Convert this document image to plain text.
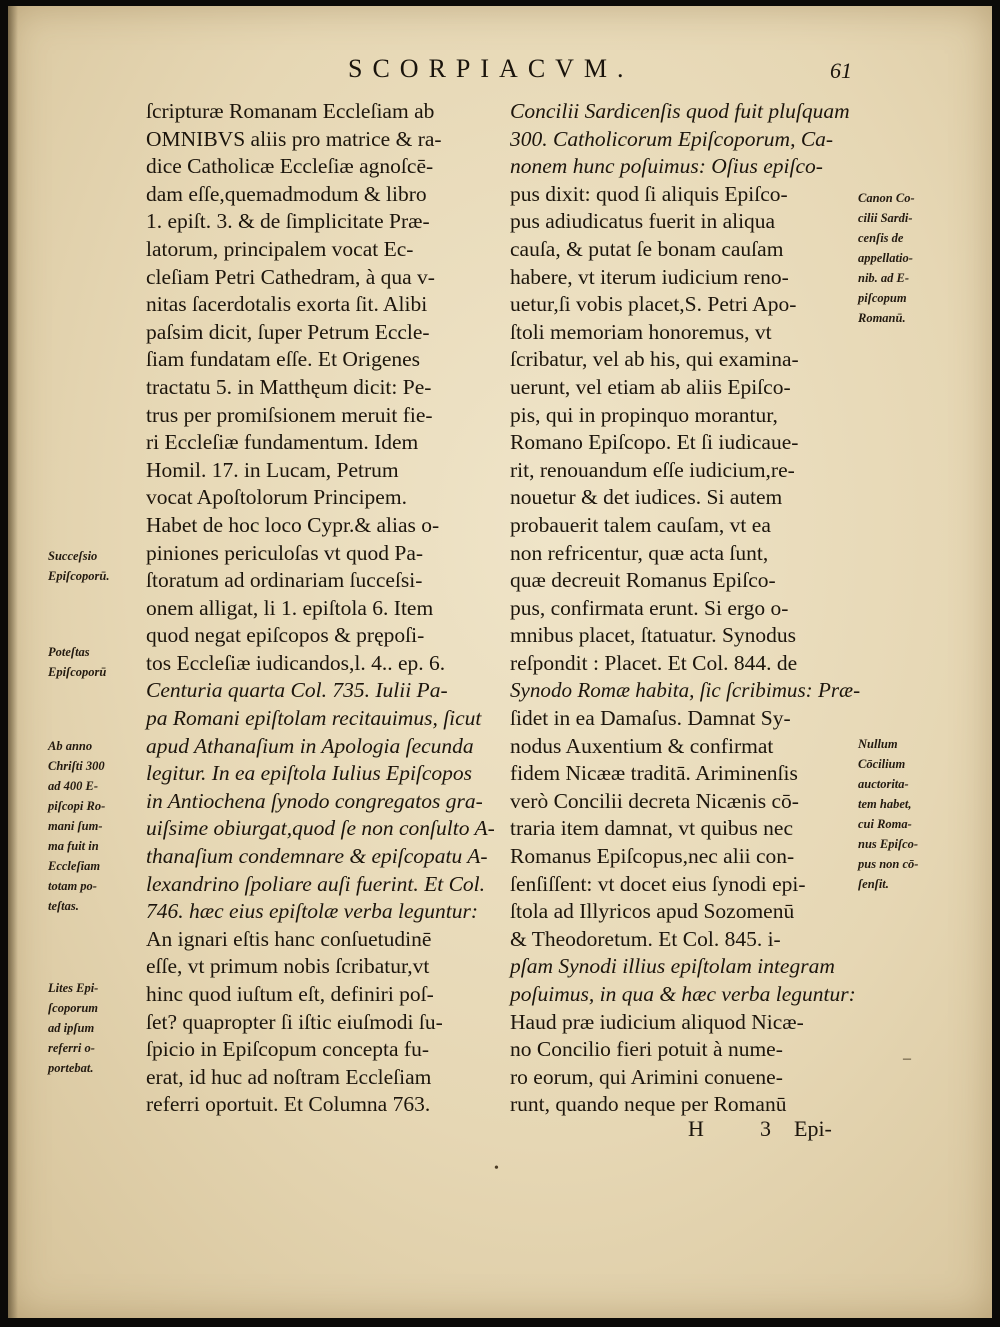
SCORPIACVM.	61
ſcripturæ Romanam Eccleſiam ab
OMNIBVS aliis pro matrice & ra-
dice Catholicæ Eccleſiæ agnoſcē-
dam eſſe,quemadmodum & libro
1. epiſt. 3. & de ſimplicitate Præ-
latorum, principalem vocat Ec-
cleſiam Petri Cathedram, à qua v-
nitas ſacerdotalis exorta ſit. Alibi
paſsim dicit, ſuper Petrum Eccle-
ſiam fundatam eſſe. Et Origenes
tractatu 5. in Matthęum dicit: Pe-
trus per promiſsionem meruit fie-
ri Eccleſiæ fundamentum. Idem
Homil. 17. in Lucam, Petrum
vocat Apoſtolorum Principem.
Habet de hoc loco Cypr.& alias o-
piniones periculoſas vt quod Pa-
ſtoratum ad ordinariam ſucceſsi-
onem alligat, li 1. epiſtola 6. Item
quod negat epiſcopos & prępoſi-
tos Eccleſiæ iudicandos,l. 4.. ep. 6.
Centuria quarta Col. 735. Iulii Pa-
pa Romani epiſtolam recitauimus, ſicut
apud Athanaſium in Apologia ſecunda
legitur. In ea epiſtola Iulius Epiſcopos
in Antiochena ſynodo congregatos gra-
uiſsime obiurgat,quod ſe non conſulto A-
thanaſium condemnare & epiſcopatu A-
lexandrino ſpoliare auſi fuerint. Et Col.
746. hæc eius epiſtolæ verba leguntur:
An ignari eſtis hanc conſuetudinē
eſſe, vt primum nobis ſcribatur,vt
hinc quod iuſtum eſt, definiri poſ-
ſet? quapropter ſi iſtic eiuſmodi ſu-
ſpicio in Epiſcopum concepta fu-
erat, id huc ad noſtram Eccleſiam
referri oportuit. Et Columna 763.
Concilii Sardicenſis quod fuit pluſquam
300. Catholicorum Epiſcoporum, Ca-
nonem hunc poſuimus: Oſius epiſco-
pus dixit: quod ſi aliquis Epiſco-
pus adiudicatus fuerit in aliqua
cauſa, & putat ſe bonam cauſam
habere, vt iterum iudicium reno-
uetur,ſi vobis placet,S. Petri Apo-
ſtoli memoriam honoremus, vt
ſcribatur, vel ab his, qui examina-
uerunt, vel etiam ab aliis Epiſco-
pis, qui in propinquo morantur,
Romano Epiſcopo. Et ſi iudicaue-
rit, renouandum eſſe iudicium,re-
nouetur & det iudices. Si autem
probauerit talem cauſam, vt ea
non refricentur, quæ acta ſunt,
quæ decreuit Romanus Epiſco-
pus, confirmata erunt. Si ergo o-
mnibus placet, ſtatuatur. Synodus
reſpondit : Placet. Et Col. 844. de
Synodo Romæ habita, ſic ſcribimus: Præ-
ſidet in ea Damaſus. Damnat Sy-
nodus Auxentium & confirmat
fidem Nicææ traditā. Ariminenſis
verò Concilii decreta Nicænis cō-
traria item damnat, vt quibus nec
Romanus Epiſcopus,nec alii con-
ſenſiſſent: vt docet eius ſynodi epi-
ſtola ad Illyricos apud Sozomenū
& Theodoretum. Et Col. 845. i-
pſam Synodi illius epiſtolam integram
poſuimus, in qua & hæc verba leguntur:
Haud præ iudicium aliquod Nicæ-
no Concilio fieri potuit à nume-
ro eorum, qui Arimini conuene-
runt, quando neque per Romanū
Succeſsio
Epiſcoporū.
Poteſtas
Epiſcoporū
Ab anno
Chriſti 300
ad 400 E-
piſcopi Ro-
mani ſum-
ma fuit in
Eccleſiam
totam po-
teſtas.
Lites Epi-
ſcoporum
ad ipſum
referri o-
portebat.
Canon Co-
cilii Sardi-
cenſis de
appellatio-
nib. ad E-
piſcopum
Romanū.
Nullum
Cōcilium
auctorita-
tem habet,
cui Roma-
nus Epiſco-
pus non cō-
ſenſit.
H	3 Epi-
•
–
